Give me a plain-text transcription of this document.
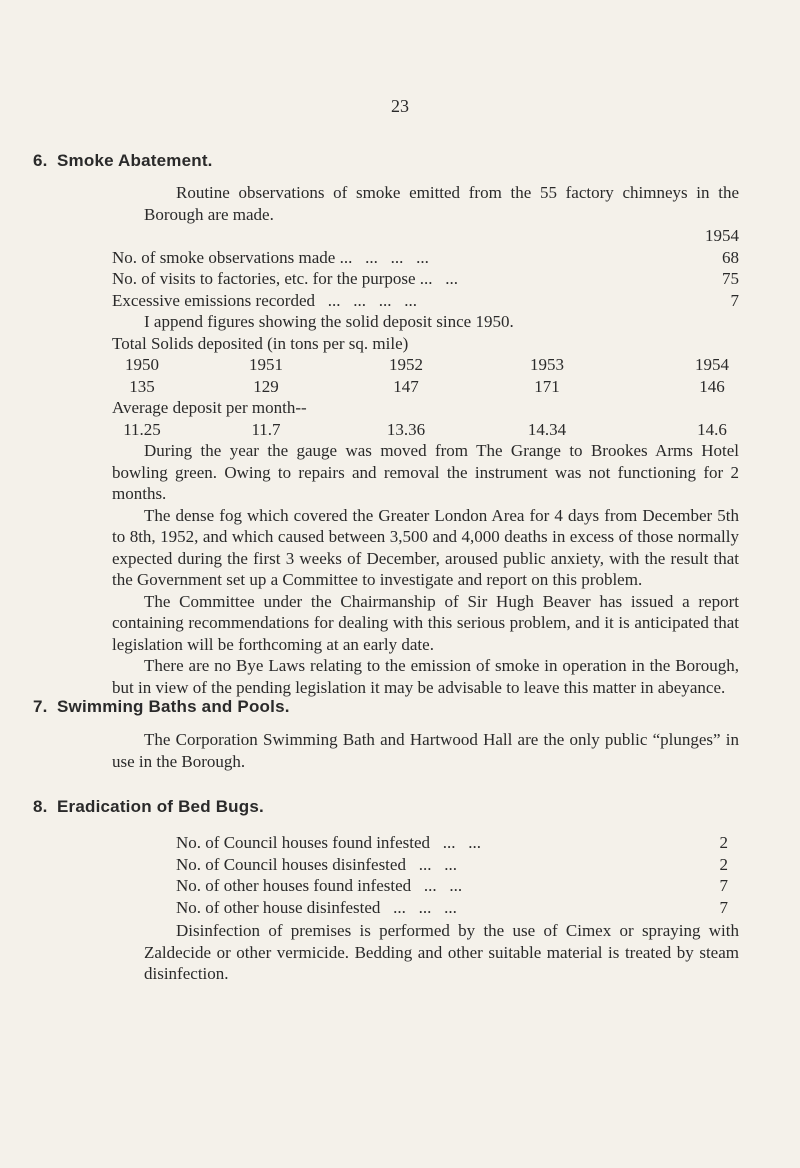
23
6. Smoke Abatement.

Routine observations of smoke emitted from the 55 factory chimneys in the Borough are made.

1954
No. of smoke observations made ...   ...   ...   ...	68
No. of visits to factories, etc. for the purpose ...   ...	75
Excessive emissions recorded   ...   ...   ...   ...	7
I append figures showing the solid deposit since 1950.
Total Solids deposited (in tons per sq. mile)
1950	1951	1952	1953	1954
135	129	147	171	146
Average deposit per month--
11.25	11.7	13.36	14.34	14.6

During the year the gauge was moved from The Grange to Brookes Arms Hotel bowling green. Owing to repairs and removal the instrument was not functioning for 2 months.

The dense fog which covered the Greater London Area for 4 days from December 5th to 8th, 1952, and which caused between 3,500 and 4,000 deaths in excess of those normally expected during the first 3 weeks of December, aroused public anxiety, with the result that the Government set up a Committee to investigate and report on this problem.

The Committee under the Chairmanship of Sir Hugh Beaver has issued a report containing recommendations for dealing with this serious problem, and it is anticipated that legislation will be forthcoming at an early date.

There are no Bye Laws relating to the emission of smoke in operation in the Borough, but in view of the pending legislation it may be advisable to leave this matter in abeyance.

7. Swimming Baths and Pools.

The Corporation Swimming Bath and Hartwood Hall are the only public “plunges” in use in the Borough.

8. Eradication of Bed Bugs.
No. of Council houses found infested   ...   ...	2
No. of Council houses disinfested   ...   ...	2
No. of other houses found infested   ...   ...	7
No. of other house disinfested   ...   ...   ...	7

Disinfection of premises is performed by the use of Cimex or spraying with Zaldecide or other vermicide. Bedding and other suitable material is treated by steam disinfection.
